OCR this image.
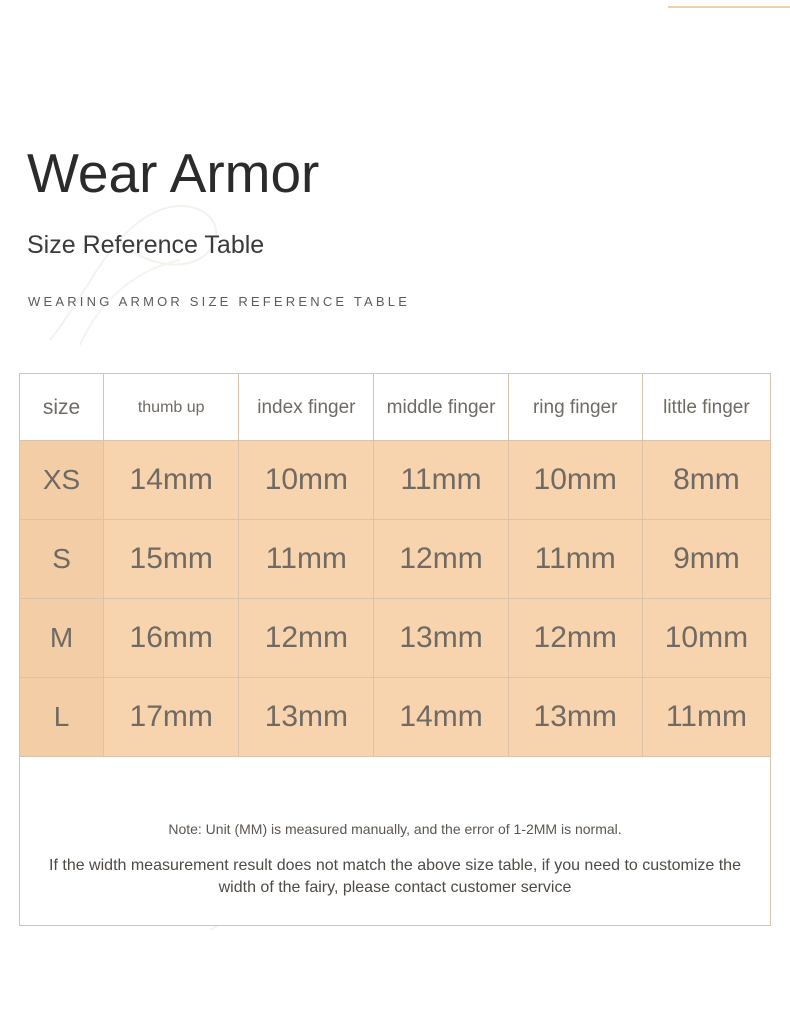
Wear Armor
Size Reference Table
WEARING ARMOR SIZE REFERENCE TABLE
size	thumb up	index finger	middle finger	ring finger	little finger
XS	14mm	10mm	11mm	10mm	8mm
S	15mm	11mm	12mm	11mm	9mm
M	16mm	12mm	13mm	12mm	10mm
L	17mm	13mm	14mm	13mm	11mm

Note: Unit (MM) is measured manually, and the error of 1-2MM is normal.
If the width measurement result does not match the above size table, if you need to customize the width of the fairy, please contact customer service					
